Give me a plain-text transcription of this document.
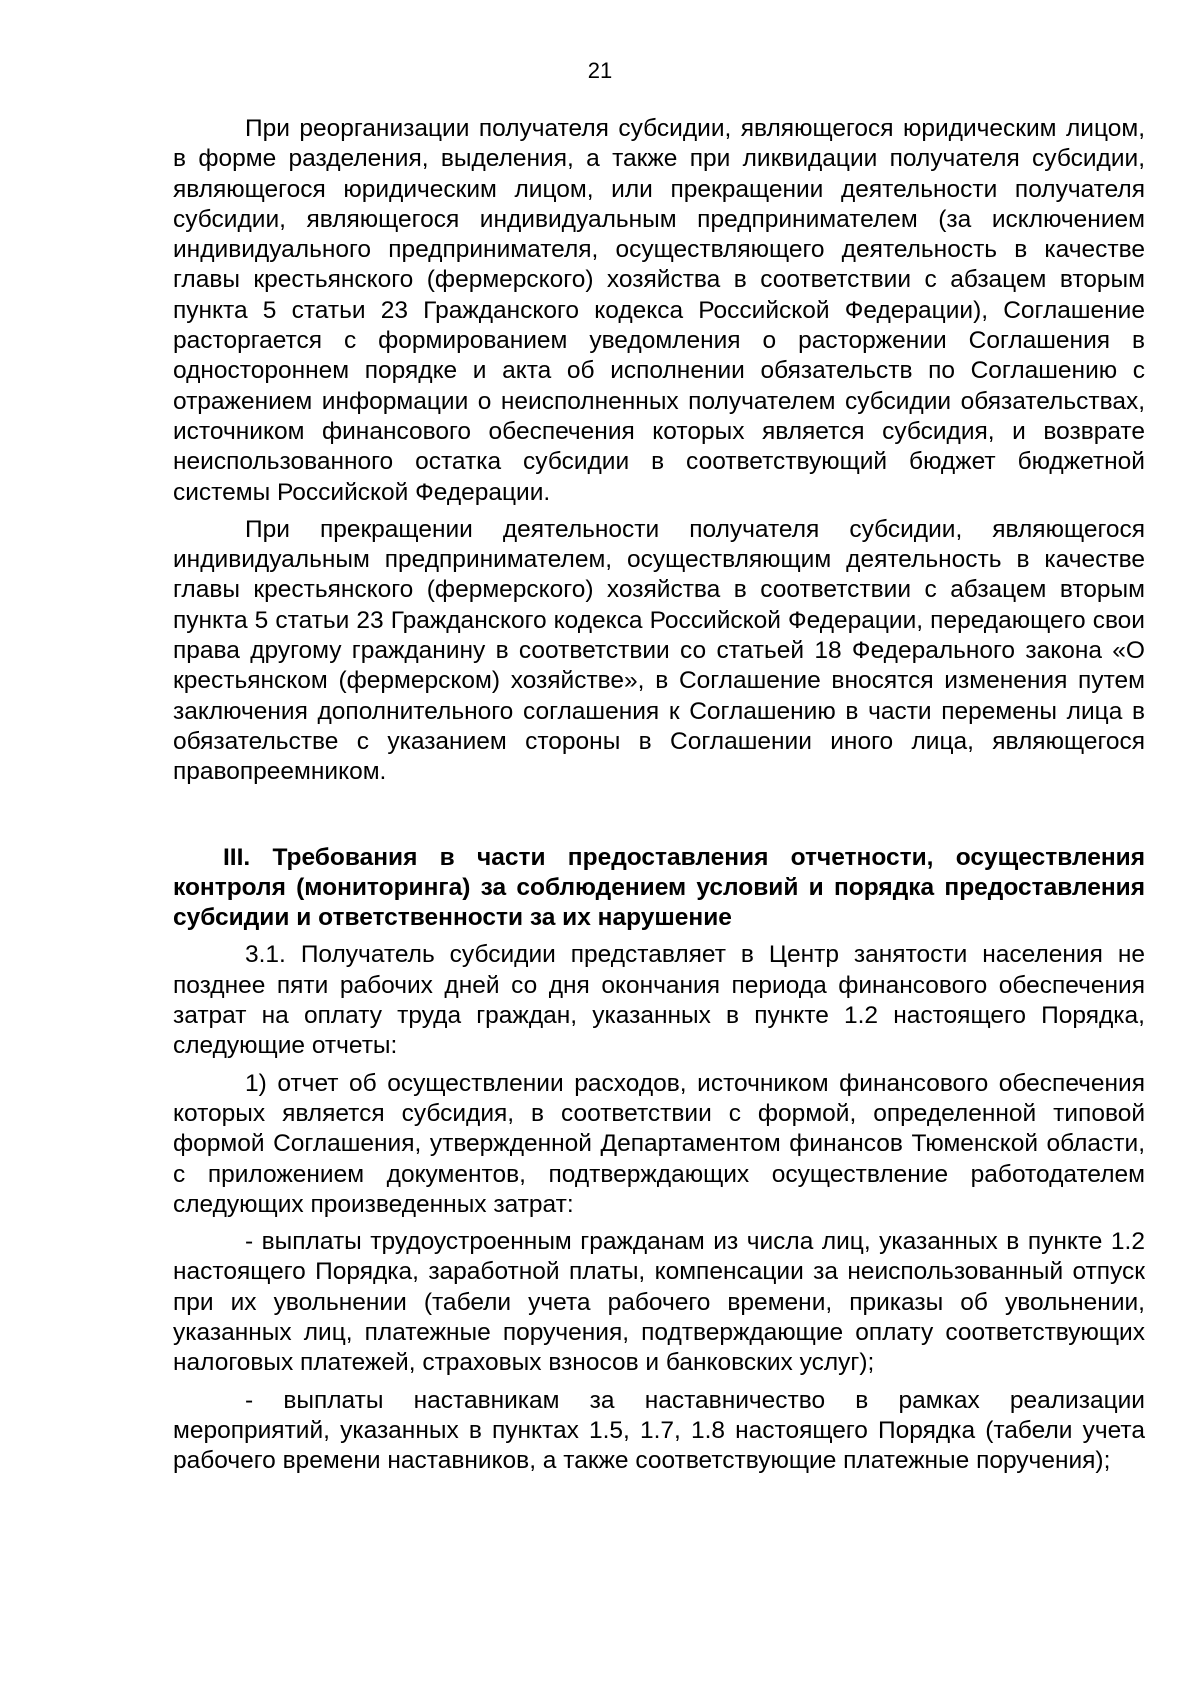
21

При реорганизации получателя субсидии, являющегося юридическим лицом, в форме разделения, выделения, а также при ликвидации получателя субсидии, являющегося юридическим лицом, или прекращении деятельности получателя субсидии, являющегося индивидуальным предпринимателем (за исключением индивидуального предпринимателя, осуществляющего деятельность в качестве главы крестьянского (фермерского) хозяйства в соответствии с абзацем вторым пункта 5 статьи 23 Гражданского кодекса Российской Федерации), Соглашение расторгается с формированием уведомления о расторжении Соглашения в одностороннем порядке и акта об исполнении обязательств по Соглашению с отражением информации о неисполненных получателем субсидии обязательствах, источником финансового обеспечения которых является субсидия, и возврате неиспользованного остатка субсидии в соответствующий бюджет бюджетной системы Российской Федерации.

При прекращении деятельности получателя субсидии, являющегося индивидуальным предпринимателем, осуществляющим деятельность в качестве главы крестьянского (фермерского) хозяйства в соответствии с абзацем вторым пункта 5 статьи 23 Гражданского кодекса Российской Федерации, передающего свои права другому гражданину в соответствии со статьей 18 Федерального закона «О крестьянском (фермерском) хозяйстве», в Соглашение вносятся изменения путем заключения дополнительного соглашения к Соглашению в части перемены лица в обязательстве с указанием стороны в Соглашении иного лица, являющегося правопреемником.

III. Требования в части предоставления отчетности, осуществления контроля (мониторинга) за соблюдением условий и порядка предоставления субсидии и ответственности за их нарушение

3.1. Получатель субсидии представляет в Центр занятости населения не позднее пяти рабочих дней со дня окончания периода финансового обеспечения затрат на оплату труда граждан, указанных в пункте 1.2 настоящего Порядка, следующие отчеты:

1) отчет об осуществлении расходов, источником финансового обеспечения которых является субсидия, в соответствии с формой, определенной типовой формой Соглашения, утвержденной Департаментом финансов Тюменской области, с приложением документов, подтверждающих осуществление работодателем следующих произведенных затрат:

- выплаты трудоустроенным гражданам из числа лиц, указанных в пункте 1.2 настоящего Порядка, заработной платы, компенсации за неиспользованный отпуск при их увольнении (табели учета рабочего времени, приказы об увольнении, указанных лиц, платежные поручения, подтверждающие оплату соответствующих налоговых платежей, страховых взносов и банковских услуг);

- выплаты наставникам за наставничество в рамках реализации мероприятий, указанных в пунктах 1.5, 1.7, 1.8 настоящего Порядка (табели учета рабочего времени наставников, а также соответствующие платежные поручения);
